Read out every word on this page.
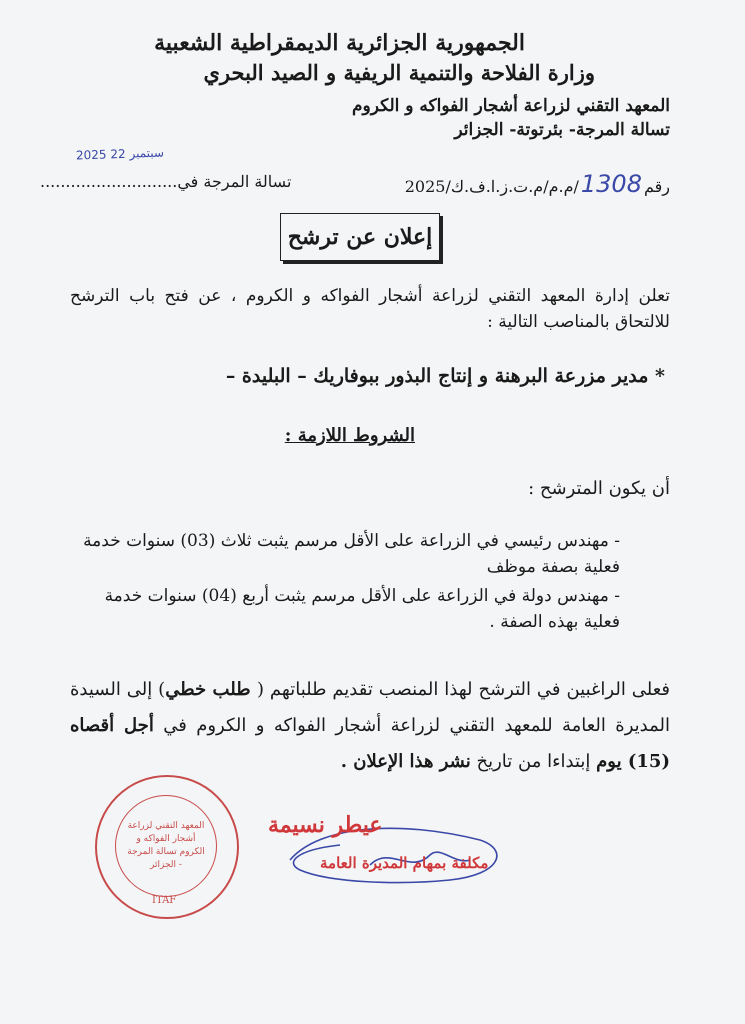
الجمهورية الجزائرية الديمقراطية الشعبية
وزارة الفلاحة والتنمية الريفية و الصيد البحري
المعهد التقني لزراعة أشجار الفواكه و الكروم
تسالة المرجة- بئرتوتة- الجزائر
2025 سبتمبر 22
رقم1308/م.م/م.ت.ز.ا.ف.ك/2025
تسالة المرجة في...........................
إعلان عن ترشح
تعلن إدارة المعهد التقني لزراعة أشجار الفواكه و الكروم ، عن فتح باب الترشح للالتحاق بالمناصب التالية :
* مدير مزرعة البرهنة و إنتاج البذور ببوفاريك – البليدة –
الشروط اللازمة :
أن يكون المترشح :
- مهندس رئيسي في الزراعة على الأقل مرسم يثبت ثلاث (03) سنوات خدمة فعلية بصفة موظف
- مهندس دولة في الزراعة على الأقل مرسم يثبت أربع (04) سنوات خدمة فعلية بهذه الصفة .
فعلى الراغبين في الترشح لهذا المنصب تقديم طلباتهم ( طلب خطي) إلى السيدة المديرة العامة للمعهد التقني لزراعة أشجار الفواكه و الكروم في أجل أقصاه (15) يوم إبتداءا من تاريخ نشر هذا الإعلان .
المعهد التقني لزراعة أشجار الفواكه و الكروم تسالة المرجة - الجزائر
ITAF
عيطر نسيمة
مكلفة بمهام المديرة العامة
